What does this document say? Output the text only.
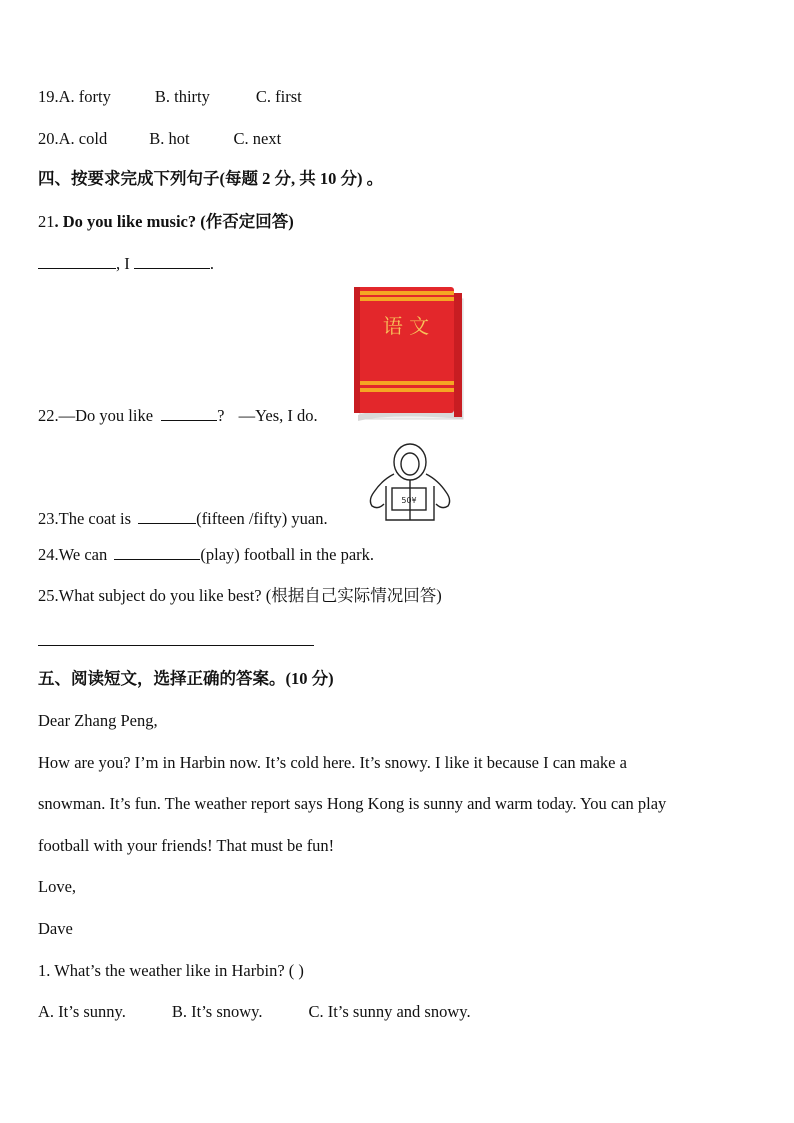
19.A. forty	B. thirty	C. first
20.A. cold	B. hot	C. next
四、按要求完成下列句子(每题 2 分, 共 10 分) 。
21. Do you like music? (作否定回答)
, I	.
语 文
22.—Do you like	? —Yes, I do.
50¥
23.The coat is	(fifteen /fifty) yuan.
24.We can	(play) football in the park.
25.What subject do you like best? (根据自己实际情况回答)
五、阅读短文，选择正确的答案。(10 分)
Dear Zhang Peng,
How are you? I’m in Harbin now. It’s cold here. It’s snowy. I like it because I can make a
snowman. It’s fun. The weather report says Hong Kong is sunny and warm today. You can play
football with your friends! That must be fun!
Love,
Dave
1. What’s the weather like in Harbin? ( )
A. It’s sunny.	B. It’s snowy.	C. It’s sunny and snowy.
